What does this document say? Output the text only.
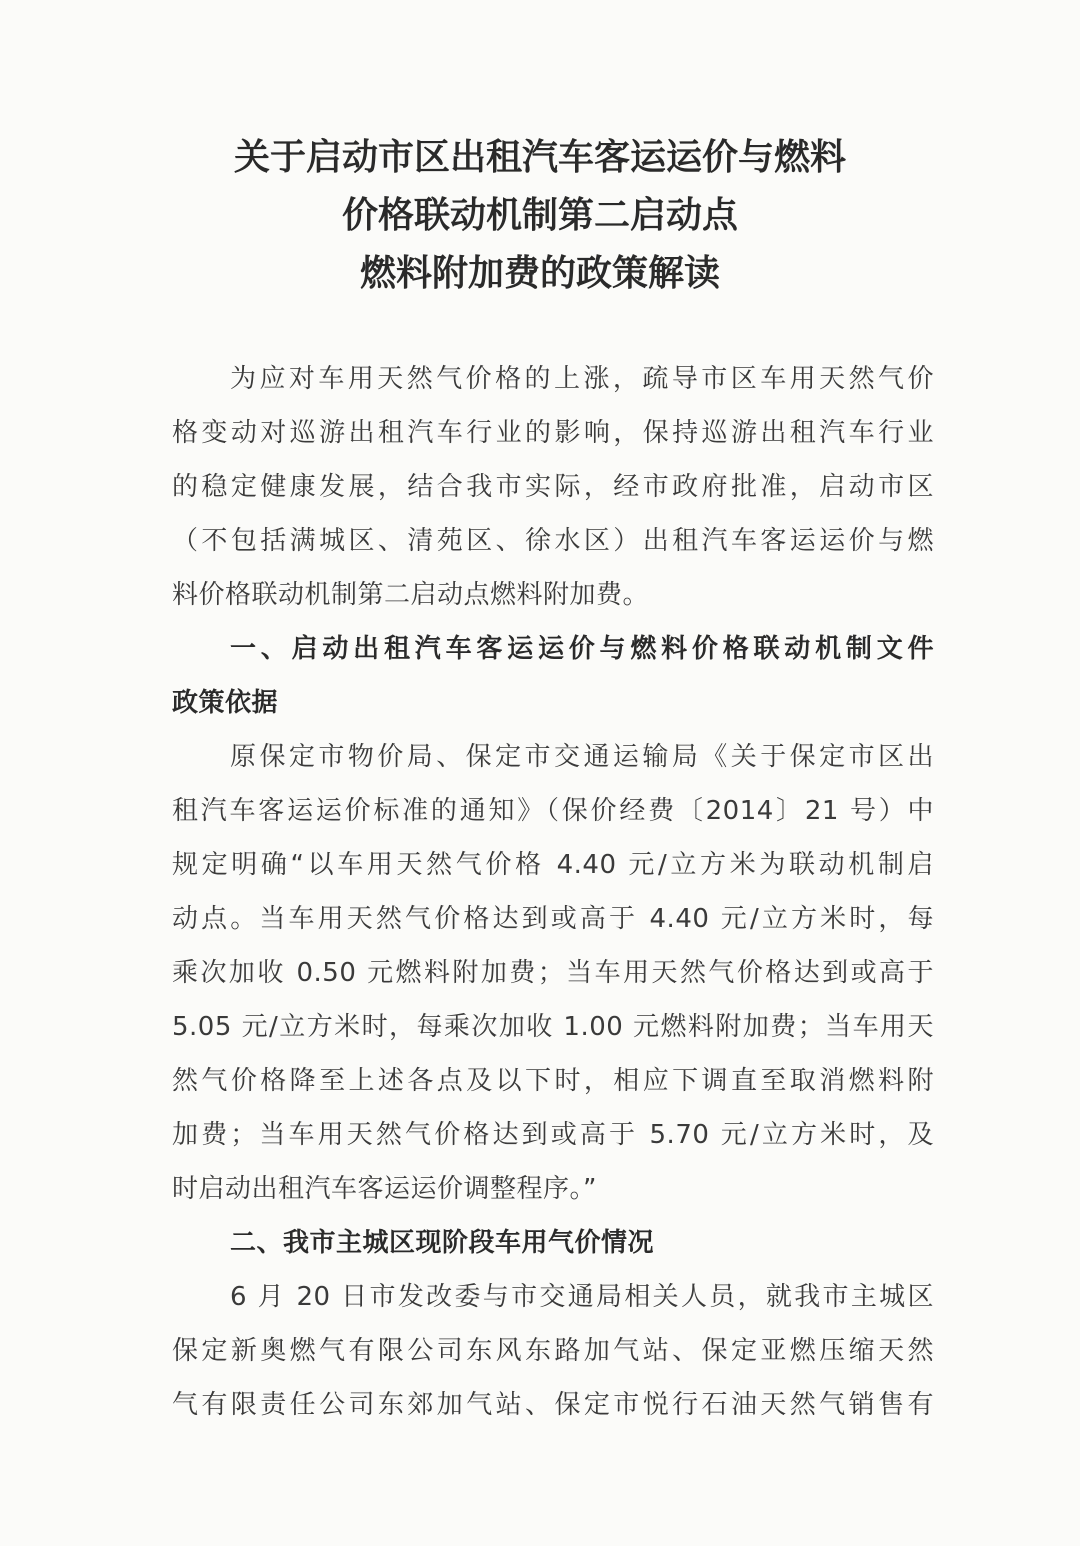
关于启动市区出租汽车客运运价与燃料
价格联动机制第二启动点
燃料附加费的政策解读
为应对车用天然气价格的上涨，疏导市区车用天然气价
格变动对巡游出租汽车行业的影响，保持巡游出租汽车行业
的稳定健康发展，结合我市实际，经市政府批准，启动市区
（不包括满城区、清苑区、徐水区）出租汽车客运运价与燃
料价格联动机制第二启动点燃料附加费。
一、启动出租汽车客运运价与燃料价格联动机制文件
政策依据
原保定市物价局、保定市交通运输局《关于保定市区出
租汽车客运运价标准的通知》（保价经费〔2014〕21 号）中
规定明确“以车用天然气价格 4.40 元/立方米为联动机制启
动点。当车用天然气价格达到或高于 4.40 元/立方米时，每
乘次加收 0.50 元燃料附加费；当车用天然气价格达到或高于
5.05 元/立方米时，每乘次加收 1.00 元燃料附加费；当车用天
然气价格降至上述各点及以下时，相应下调直至取消燃料附
加费；当车用天然气价格达到或高于 5.70 元/立方米时，及
时启动出租汽车客运运价调整程序。”
二、我市主城区现阶段车用气价情况
6 月 20 日市发改委与市交通局相关人员，就我市主城区
保定新奥燃气有限公司东风东路加气站、保定亚燃压缩天然
气有限责任公司东郊加气站、保定市悦行石油天然气销售有
